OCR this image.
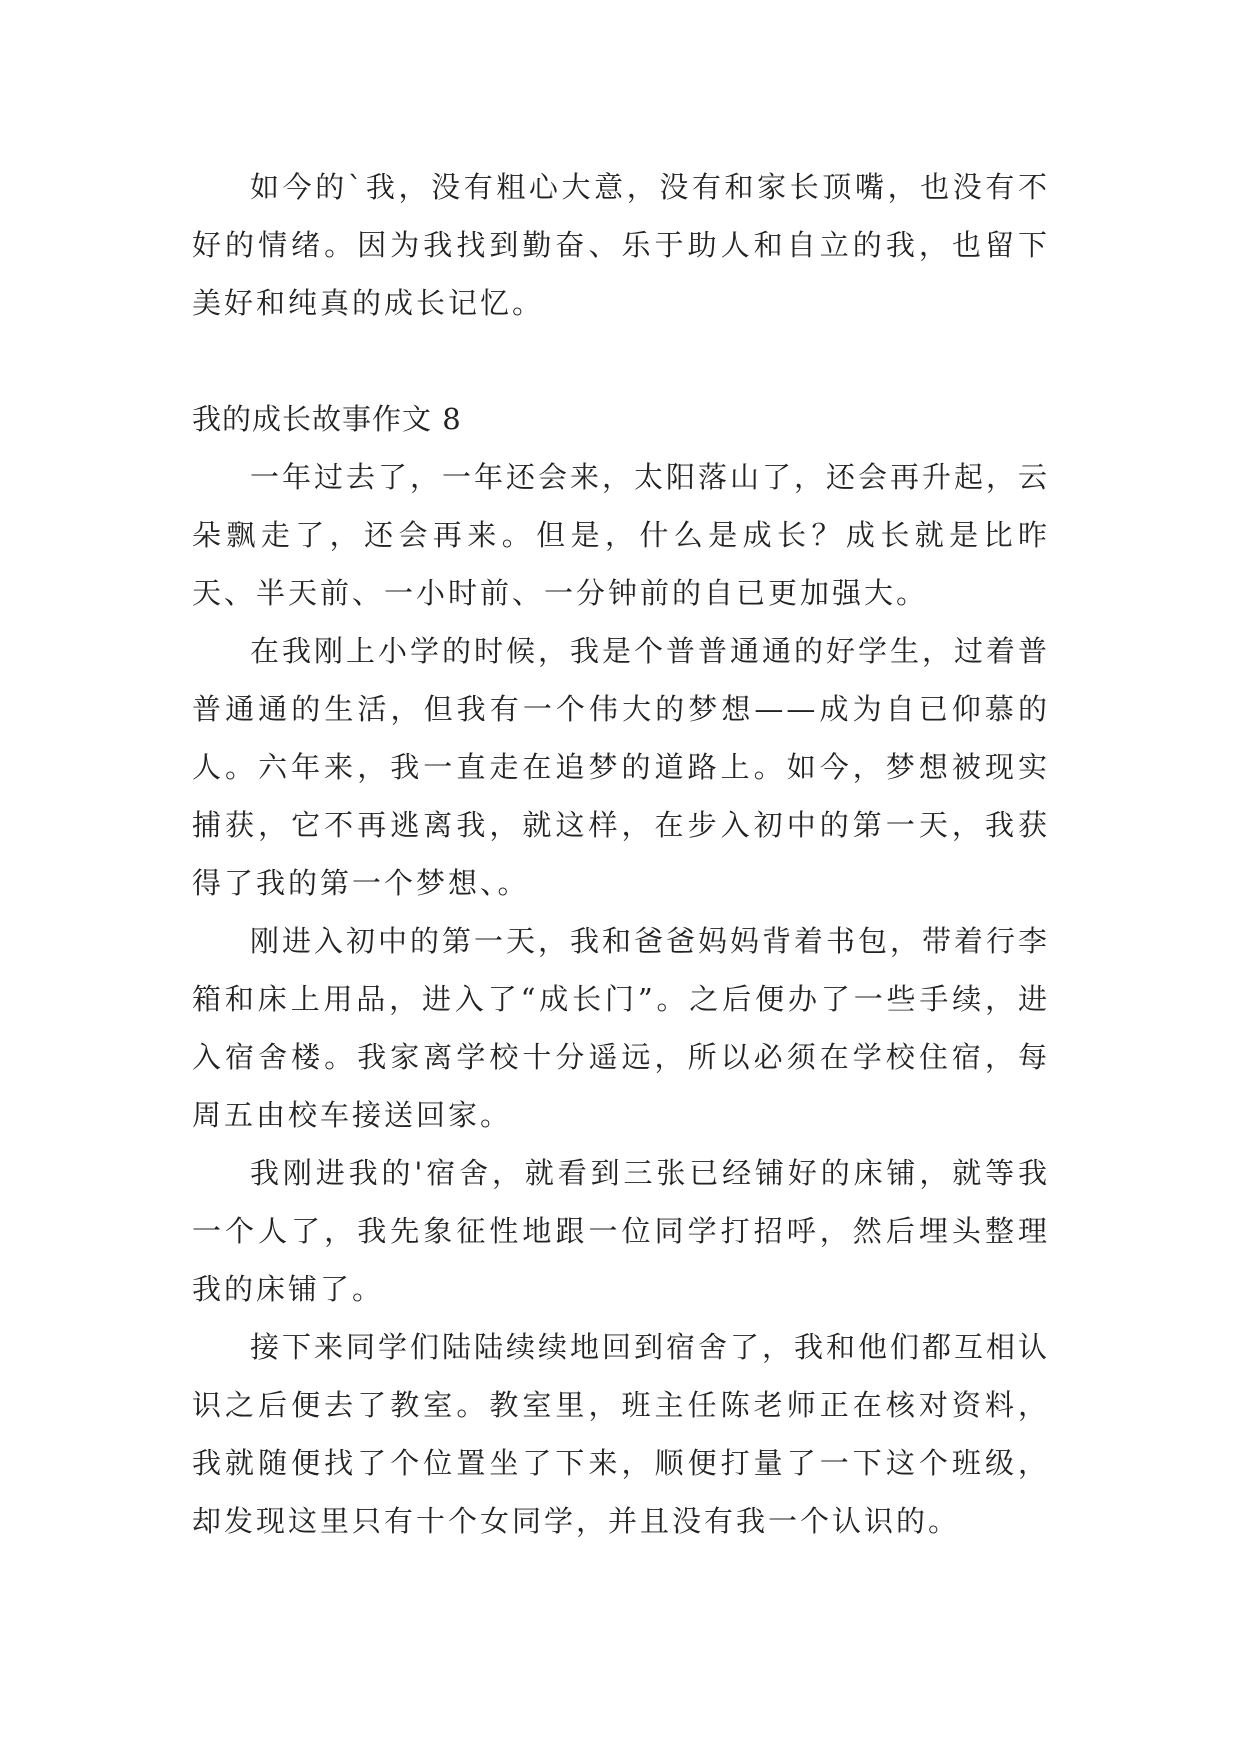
如今的`我，没有粗心大意，没有和家长顶嘴，也没有不好的情绪。因为我找到勤奋、乐于助人和自立的我，也留下美好和纯真的成长记忆。

我的成长故事作文 8

一年过去了，一年还会来，太阳落山了，还会再升起，云朵飘走了，还会再来。但是，什么是成长？成长就是比昨天、半天前、一小时前、一分钟前的自已更加强大。

在我刚上小学的时候，我是个普普通通的好学生，过着普普通通的生活，但我有一个伟大的梦想——成为自已仰慕的人。六年来，我一直走在追梦的道路上。如今，梦想被现实捕获，它不再逃离我，就这样，在步入初中的第一天，我获得了我的第一个梦想、。

刚进入初中的第一天，我和爸爸妈妈背着书包，带着行李箱和床上用品，进入了“成长门”。之后便办了一些手续，进入宿舍楼。我家离学校十分遥远，所以必须在学校住宿，每周五由校车接送回家。

我刚进我的'宿舍，就看到三张已经铺好的床铺，就等我一个人了，我先象征性地跟一位同学打招呼，然后埋头整理我的床铺了。

接下来同学们陆陆续续地回到宿舍了，我和他们都互相认识之后便去了教室。教室里，班主任陈老师正在核对资料，我就随便找了个位置坐了下来，顺便打量了一下这个班级，却发现这里只有十个女同学，并且没有我一个认识的。
